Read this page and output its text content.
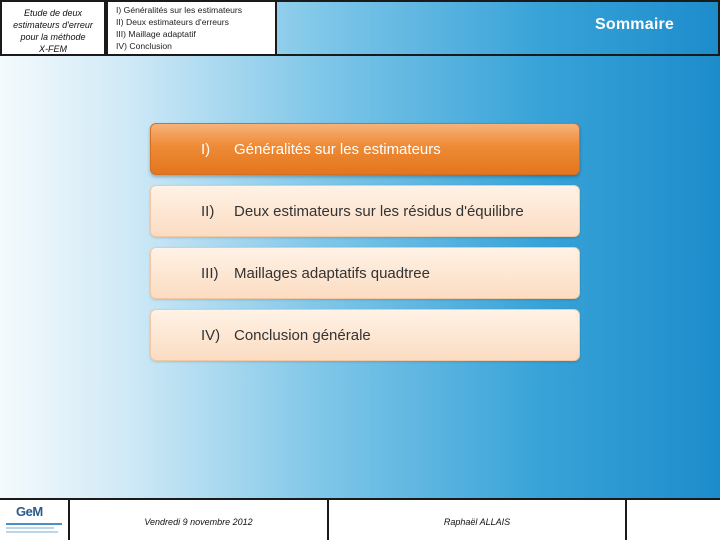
Etude de deux
estimateurs d'erreur
pour la méthode
X-FEM
I) Généralités sur les estimateurs
II) Deux estimateurs d'erreurs
III) Maillage adaptatif
IV) Conclusion
Sommaire
I)	Généralités sur les estimateurs
II)	Deux estimateurs sur les résidus d'équilibre
III)	Maillages adaptatifs quadtree
IV) Conclusion générale
GeM
Vendredi 9 novembre 2012	Raphaël ALLAIS
